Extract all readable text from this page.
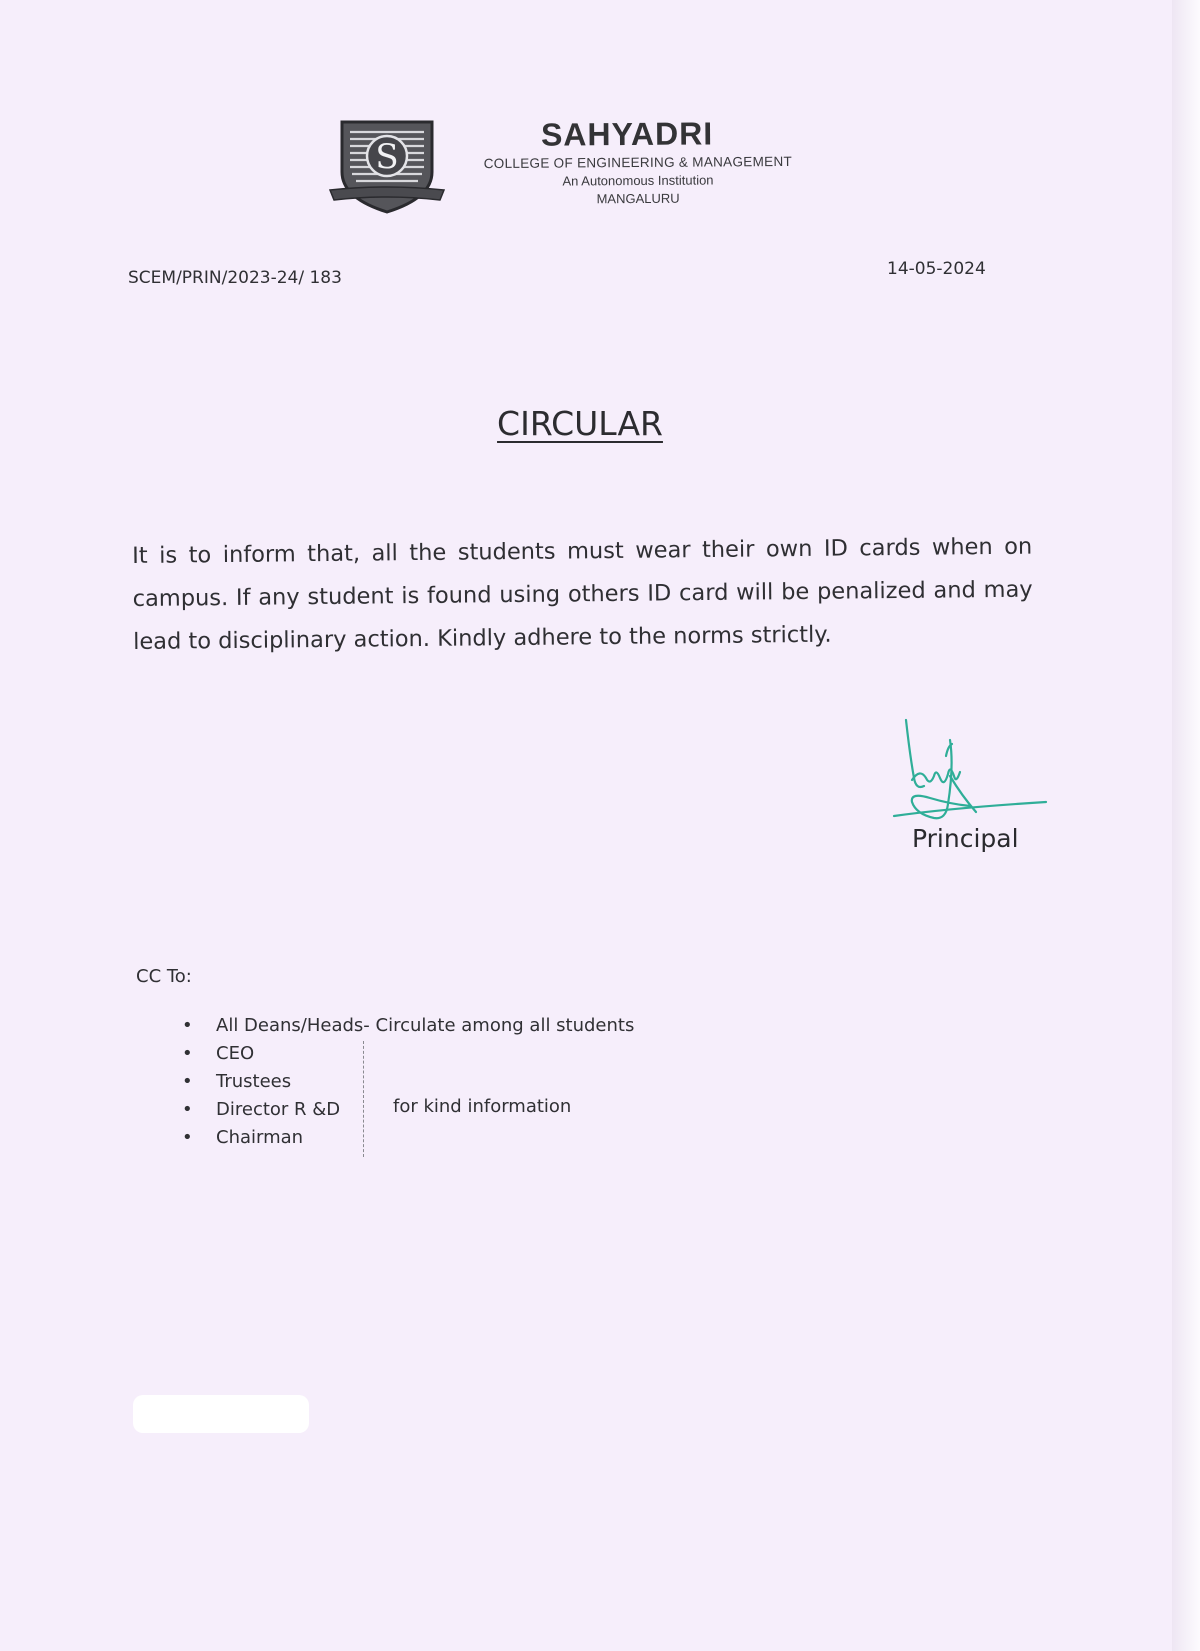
S
SAHYADRI
COLLEGE OF ENGINEERING & MANAGEMENT
An Autonomous Institution
MANGALURU
SCEM/PRIN/2023-24/ 183	14-05-2024
CIRCULAR

It is to inform that, all the students must wear their own ID cards when on campus. If any student is found using others ID card will be penalized and may lead to disciplinary action. Kindly adhere to the norms strictly.

Principal
CC To:
• All Deans/Heads- Circulate among all students
• CEO
• Trustees
• Director R &D
• Chairman
for kind information
